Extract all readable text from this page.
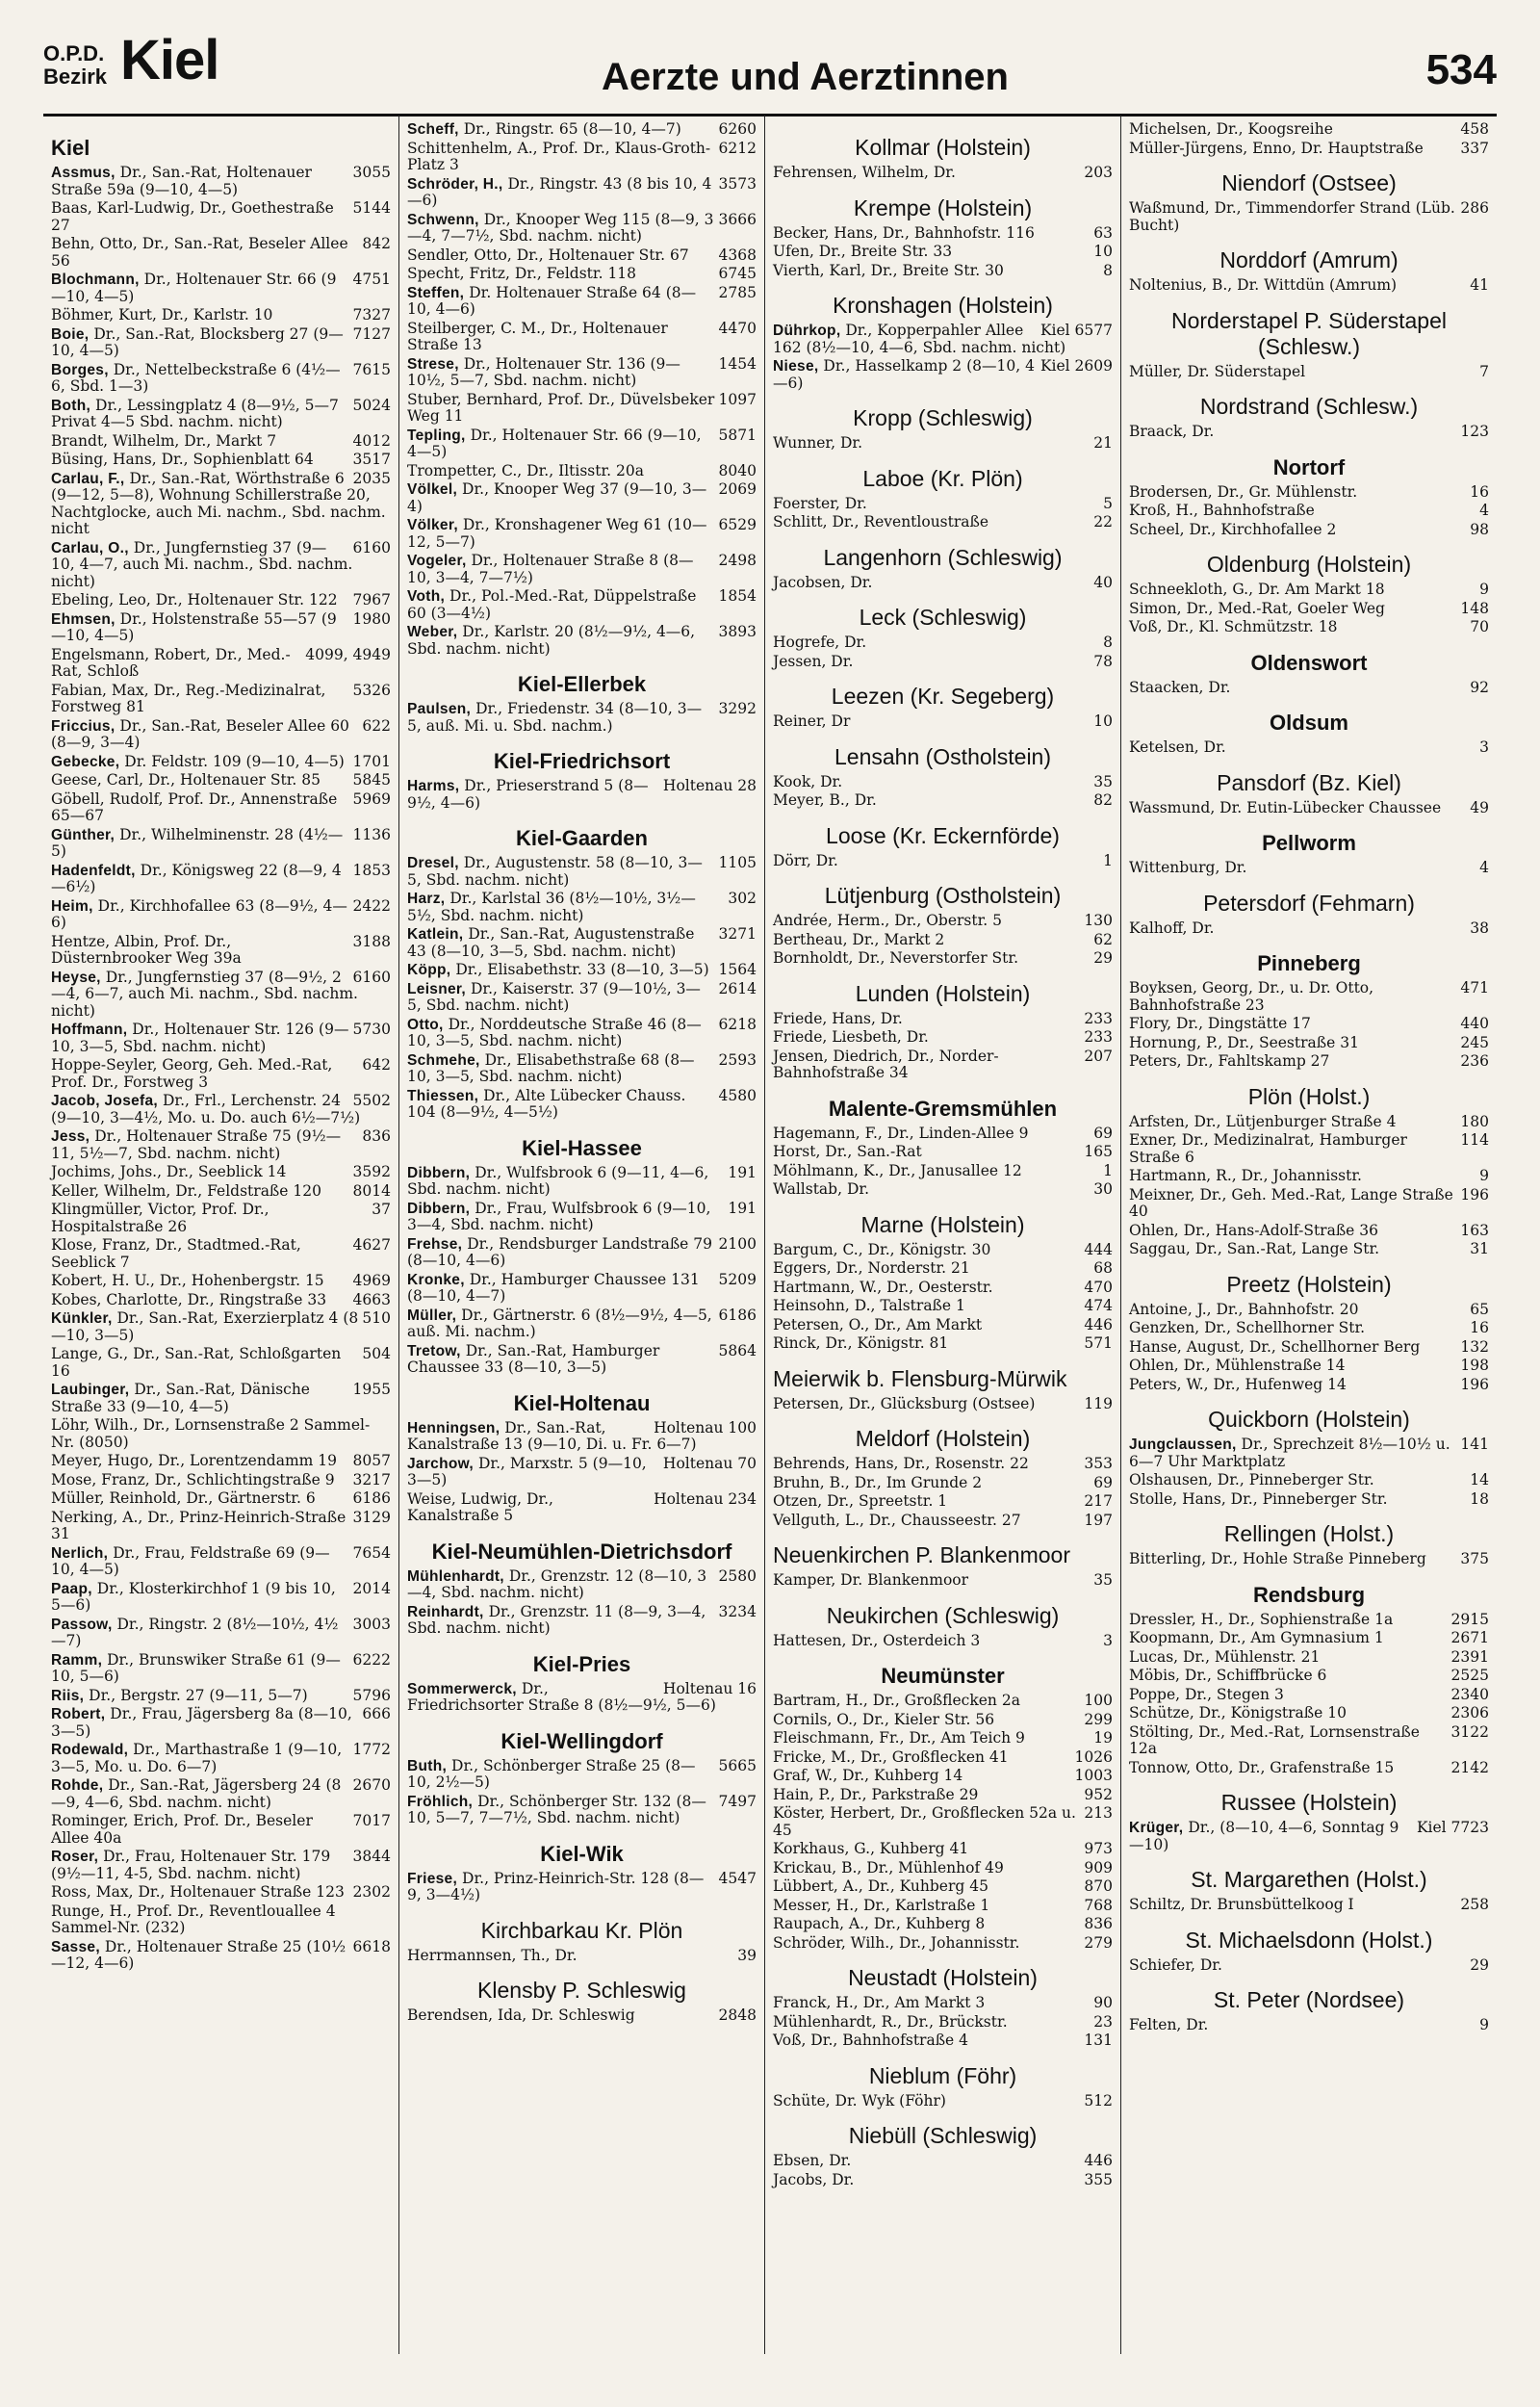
O.P.D.
Bezirk Kiel	Aerzte und Aerztinnen	534
Kiel
3055
Assmus, Dr., San.-Rat, Holtenauer Straße 59a (9—10, 4—5)
5144
Baas, Karl-Ludwig, Dr., Goethestraße 27
842
Behn, Otto, Dr., San.-Rat, Beseler Allee 56
4751
Blochmann, Dr., Holtenauer Str. 66 (9—10, 4—5)
7327
Böhmer, Kurt, Dr., Karlstr. 10
7127
Boie, Dr., San.-Rat, Blocksberg 27 (9—10, 4—5)
7615
Borges, Dr., Nettelbeckstraße 6 (4½—6, Sbd. 1—3)
5024
Both, Dr., Lessingplatz 4 (8—9½, 5—7 Privat 4—5 Sbd. nachm. nicht)
4012
Brandt, Wilhelm, Dr., Markt 7
3517
Büsing, Hans, Dr., Sophienblatt 64
2035
Carlau, F., Dr., San.-Rat, Wörthstraße 6 (9—12, 5—8), Wohnung Schillerstraße 20, Nachtglocke, auch Mi. nachm., Sbd. nachm. nicht
6160
Carlau, O., Dr., Jungfernstieg 37 (9—10, 4—7, auch Mi. nachm., Sbd. nachm. nicht)
7967
Ebeling, Leo, Dr., Holtenauer Str. 122
1980
Ehmsen, Dr., Holstenstraße 55—57 (9—10, 4—5)
4099, 4949
Engelsmann, Robert, Dr., Med.-Rat, Schloß
5326
Fabian, Max, Dr., Reg.-Medizinalrat, Forstweg 81
622
Friccius, Dr., San.-Rat, Beseler Allee 60 (8—9, 3—4)
1701
Gebecke, Dr. Feldstr. 109 (9—10, 4—5)
5845
Geese, Carl, Dr., Holtenauer Str. 85
5969
Göbell, Rudolf, Prof. Dr., Annenstraße 65—67
1136
Günther, Dr., Wilhelminenstr. 28 (4½—5)
1853
Hadenfeldt, Dr., Königsweg 22 (8—9, 4—6½)
2422
Heim, Dr., Kirchhofallee 63 (8—9½, 4—6)
3188
Hentze, Albin, Prof. Dr., Düsternbrooker Weg 39a
6160
Heyse, Dr., Jungfernstieg 37 (8—9½, 2—4, 6—7, auch Mi. nachm., Sbd. nachm. nicht)
5730
Hoffmann, Dr., Holtenauer Str. 126 (9—10, 3—5, Sbd. nachm. nicht)
642
Hoppe-Seyler, Georg, Geh. Med.-Rat, Prof. Dr., Forstweg 3
5502
Jacob, Josefa, Dr., Frl., Lerchenstr. 24 (9—10, 3—4½, Mo. u. Do. auch 6½—7½)
836
Jess, Dr., Holtenauer Straße 75 (9½—11, 5½—7, Sbd. nachm. nicht)
3592
Jochims, Johs., Dr., Seeblick 14
8014
Keller, Wilhelm, Dr., Feldstraße 120
37
Klingmüller, Victor, Prof. Dr., Hospitalstraße 26
4627
Klose, Franz, Dr., Stadtmed.-Rat, Seeblick 7
4969
Kobert, H. U., Dr., Hohenbergstr. 15
4663
Kobes, Charlotte, Dr., Ringstraße 33
510
Künkler, Dr., San.-Rat, Exerzierplatz 4 (8—10, 3—5)
504
Lange, G., Dr., San.-Rat, Schloßgarten 16
1955
Laubinger, Dr., San.-Rat, Dänische Straße 33 (9—10, 4—5)
Löhr, Wilh., Dr., Lornsenstraße 2 Sammel-Nr. (8050)
8057
Meyer, Hugo, Dr., Lorentzendamm 19
3217
Mose, Franz, Dr., Schlichtingstraße 9
6186
Müller, Reinhold, Dr., Gärtnerstr. 6
3129
Nerking, A., Dr., Prinz-Heinrich-Straße 31
7654
Nerlich, Dr., Frau, Feldstraße 69 (9—10, 4—5)
2014
Paap, Dr., Klosterkirchhof 1 (9 bis 10, 5—6)
3003
Passow, Dr., Ringstr. 2 (8½—10½, 4½—7)
6222
Ramm, Dr., Brunswiker Straße 61 (9—10, 5—6)
5796
Riis, Dr., Bergstr. 27 (9—11, 5—7)
666
Robert, Dr., Frau, Jägersberg 8a (8—10, 3—5)
1772
Rodewald, Dr., Marthastraße 1 (9—10, 3—5, Mo. u. Do. 6—7)
2670
Rohde, Dr., San.-Rat, Jägersberg 24 (8—9, 4—6, Sbd. nachm. nicht)
7017
Rominger, Erich, Prof. Dr., Beseler Allee 40a
3844
Roser, Dr., Frau, Holtenauer Str. 179 (9½—11, 4-5, Sbd. nachm. nicht)
2302
Ross, Max, Dr., Holtenauer Straße 123
Runge, H., Prof. Dr., Reventlouallee 4 Sammel-Nr. (232)
6618
Sasse, Dr., Holtenauer Straße 25 (10½—12, 4—6)
6260
Scheff, Dr., Ringstr. 65 (8—10, 4—7)
6212
Schittenhelm, A., Prof. Dr., Klaus-Groth-Platz 3
3573
Schröder, H., Dr., Ringstr. 43 (8 bis 10, 4—6)
3666
Schwenn, Dr., Knooper Weg 115 (8—9, 3—4, 7—7½, Sbd. nachm. nicht)
4368
Sendler, Otto, Dr., Holtenauer Str. 67
6745
Specht, Fritz, Dr., Feldstr. 118
2785
Steffen, Dr. Holtenauer Straße 64 (8—10, 4—6)
4470
Steilberger, C. M., Dr., Holtenauer Straße 13
1454
Strese, Dr., Holtenauer Str. 136 (9—10½, 5—7, Sbd. nachm. nicht)
1097
Stuber, Bernhard, Prof. Dr., Düvelsbeker Weg 11
5871
Tepling, Dr., Holtenauer Str. 66 (9—10, 4—5)
8040
Trompetter, C., Dr., Iltisstr. 20a
2069
Völkel, Dr., Knooper Weg 37 (9—10, 3—4)
6529
Völker, Dr., Kronshagener Weg 61 (10—12, 5—7)
2498
Vogeler, Dr., Holtenauer Straße 8 (8—10, 3—4, 7—7½)
1854
Voth, Dr., Pol.-Med.-Rat, Düppelstraße 60 (3—4½)
3893
Weber, Dr., Karlstr. 20 (8½—9½, 4—6, Sbd. nachm. nicht)
Kiel-Ellerbek
3292
Paulsen, Dr., Friedenstr. 34 (8—10, 3—5, auß. Mi. u. Sbd. nachm.)
Kiel-Friedrichsort
Holtenau 28
Harms, Dr., Prieserstrand 5 (8—9½, 4—6)
Kiel-Gaarden
1105
Dresel, Dr., Augustenstr. 58 (8—10, 3—5, Sbd. nachm. nicht)
302
Harz, Dr., Karlstal 36 (8½—10½, 3½—5½, Sbd. nachm. nicht)
3271
Katlein, Dr., San.-Rat, Augustenstraße 43 (8—10, 3—5, Sbd. nachm. nicht)
1564
Köpp, Dr., Elisabethstr. 33 (8—10, 3—5)
2614
Leisner, Dr., Kaiserstr. 37 (9—10½, 3—5, Sbd. nachm. nicht)
6218
Otto, Dr., Norddeutsche Straße 46 (8—10, 3—5, Sbd. nachm. nicht)
2593
Schmehe, Dr., Elisabethstraße 68 (8—10, 3—5, Sbd. nachm. nicht)
4580
Thiessen, Dr., Alte Lübecker Chauss. 104 (8—9½, 4—5½)
Kiel-Hassee
191
Dibbern, Dr., Wulfsbrook 6 (9—11, 4—6, Sbd. nachm. nicht)
191
Dibbern, Dr., Frau, Wulfsbrook 6 (9—10, 3—4, Sbd. nachm. nicht)
2100
Frehse, Dr., Rendsburger Landstraße 79 (8—10, 4—6)
5209
Kronke, Dr., Hamburger Chaussee 131 (8—10, 4—7)
6186
Müller, Dr., Gärtnerstr. 6 (8½—9½, 4—5, auß. Mi. nachm.)
5864
Tretow, Dr., San.-Rat, Hamburger Chaussee 33 (8—10, 3—5)
Kiel-Holtenau
Holtenau 100
Henningsen, Dr., San.-Rat, Kanalstraße 13 (9—10, Di. u. Fr. 6—7)
Holtenau 70
Jarchow, Dr., Marxstr. 5 (9—10, 3—5)
Holtenau 234
Weise, Ludwig, Dr., Kanalstraße 5
Kiel-Neumühlen-Dietrichsdorf
2580
Mühlenhardt, Dr., Grenzstr. 12 (8—10, 3—4, Sbd. nachm. nicht)
3234
Reinhardt, Dr., Grenzstr. 11 (8—9, 3—4, Sbd. nachm. nicht)
Kiel-Pries
Holtenau 16
Sommerwerck, Dr., Friedrichsorter Straße 8 (8½—9½, 5—6)
Kiel-Wellingdorf
5665
Buth, Dr., Schönberger Straße 25 (8—10, 2½—5)
7497
Fröhlich, Dr., Schönberger Str. 132 (8—10, 5—7, 7—7½, Sbd. nachm. nicht)
Kiel-Wik
4547
Friese, Dr., Prinz-Heinrich-Str. 128 (8—9, 3—4½)
Kirchbarkau Kr. Plön
39
Herrmannsen, Th., Dr.
Klensby P. Schleswig
2848
Berendsen, Ida, Dr. Schleswig
Kollmar (Holstein)
203
Fehrensen, Wilhelm, Dr.
Krempe (Holstein)
63
Becker, Hans, Dr., Bahnhofstr. 116
10
Ufen, Dr., Breite Str. 33
8
Vierth, Karl, Dr., Breite Str. 30
Kronshagen (Holstein)
Kiel 6577
Dührkop, Dr., Kopperpahler Allee 162 (8½—10, 4—6, Sbd. nachm. nicht)
Kiel 2609
Niese, Dr., Hasselkamp 2 (8—10, 4—6)
Kropp (Schleswig)
21
Wunner, Dr.
Laboe (Kr. Plön)
5
Foerster, Dr.
22
Schlitt, Dr., Reventloustraße
Langenhorn (Schleswig)
40
Jacobsen, Dr.
Leck (Schleswig)
8
Hogrefe, Dr.
78
Jessen, Dr.
Leezen (Kr. Segeberg)
10
Reiner, Dr
Lensahn (Ostholstein)
35
Kook, Dr.
82
Meyer, B., Dr.
Loose (Kr. Eckernförde)
1
Dörr, Dr.
Lütjenburg (Ostholstein)
130
Andrée, Herm., Dr., Oberstr. 5
62
Bertheau, Dr., Markt 2
29
Bornholdt, Dr., Neverstorfer Str.
Lunden (Holstein)
233
Friede, Hans, Dr.
233
Friede, Liesbeth, Dr.
207
Jensen, Diedrich, Dr., Norder-Bahnhofstraße 34
Malente-Gremsmühlen
69
Hagemann, F., Dr., Linden-Allee 9
165
Horst, Dr., San.-Rat
1
Möhlmann, K., Dr., Janusallee 12
30
Wallstab, Dr.
Marne (Holstein)
444
Bargum, C., Dr., Königstr. 30
68
Eggers, Dr., Norderstr. 21
470
Hartmann, W., Dr., Oesterstr.
474
Heinsohn, D., Talstraße 1
446
Petersen, O., Dr., Am Markt
571
Rinck, Dr., Königstr. 81
Meierwik b. Flensburg-Mürwik
119
Petersen, Dr., Glücksburg (Ostsee)
Meldorf (Holstein)
353
Behrends, Hans, Dr., Rosenstr. 22
69
Bruhn, B., Dr., Im Grunde 2
217
Otzen, Dr., Spreetstr. 1
197
Vellguth, L., Dr., Chausseestr. 27
Neuenkirchen P. Blankenmoor
35
Kamper, Dr. Blankenmoor
Neukirchen (Schleswig)
3
Hattesen, Dr., Osterdeich 3
Neumünster
100
Bartram, H., Dr., Großflecken 2a
299
Cornils, O., Dr., Kieler Str. 56
19
Fleischmann, Fr., Dr., Am Teich 9
1026
Fricke, M., Dr., Großflecken 41
1003
Graf, W., Dr., Kuhberg 14
952
Hain, P., Dr., Parkstraße 29
213
Köster, Herbert, Dr., Großflecken 52a u. 45
973
Korkhaus, G., Kuhberg 41
909
Krickau, B., Dr., Mühlenhof 49
870
Lübbert, A., Dr., Kuhberg 45
768
Messer, H., Dr., Karlstraße 1
836
Raupach, A., Dr., Kuhberg 8
279
Schröder, Wilh., Dr., Johannisstr.
Neustadt (Holstein)
90
Franck, H., Dr., Am Markt 3
23
Mühlenhardt, R., Dr., Brückstr.
131
Voß, Dr., Bahnhofstraße 4
Nieblum (Föhr)
512
Schüte, Dr. Wyk (Föhr)
Niebüll (Schleswig)
446
Ebsen, Dr.
355
Jacobs, Dr.
458
Michelsen, Dr., Koogsreihe
337
Müller-Jürgens, Enno, Dr. Hauptstraße
Niendorf (Ostsee)
286
Waßmund, Dr., Timmendorfer Strand (Lüb. Bucht)
Norddorf (Amrum)
41
Noltenius, B., Dr. Wittdün (Amrum)
Norderstapel P. Süderstapel (Schlesw.)
7
Müller, Dr. Süderstapel
Nordstrand (Schlesw.)
123
Braack, Dr.
Nortorf
16
Brodersen, Dr., Gr. Mühlenstr.
4
Kroß, H., Bahnhofstraße
98
Scheel, Dr., Kirchhofallee 2
Oldenburg (Holstein)
9
Schneekloth, G., Dr. Am Markt 18
148
Simon, Dr., Med.-Rat, Goeler Weg
70
Voß, Dr., Kl. Schmützstr. 18
Oldenswort
92
Staacken, Dr.
Oldsum
3
Ketelsen, Dr.
Pansdorf (Bz. Kiel)
49
Wassmund, Dr. Eutin-Lübecker Chaussee
Pellworm
4
Wittenburg, Dr.
Petersdorf (Fehmarn)
38
Kalhoff, Dr.
Pinneberg
471
Boyksen, Georg, Dr., u. Dr. Otto, Bahnhofstraße 23
440
Flory, Dr., Dingstätte 17
245
Hornung, P., Dr., Seestraße 31
236
Peters, Dr., Fahltskamp 27
Plön (Holst.)
180
Arfsten, Dr., Lütjenburger Straße 4
114
Exner, Dr., Medizinalrat, Hamburger Straße 6
9
Hartmann, R., Dr., Johannisstr.
196
Meixner, Dr., Geh. Med.-Rat, Lange Straße 40
163
Ohlen, Dr., Hans-Adolf-Straße 36
31
Saggau, Dr., San.-Rat, Lange Str.
Preetz (Holstein)
65
Antoine, J., Dr., Bahnhofstr. 20
16
Genzken, Dr., Schellhorner Str.
132
Hanse, August, Dr., Schellhorner Berg
198
Ohlen, Dr., Mühlenstraße 14
196
Peters, W., Dr., Hufenweg 14
Quickborn (Holstein)
141
Jungclaussen, Dr., Sprechzeit 8½—10½ u. 6—7 Uhr Marktplatz
14
Olshausen, Dr., Pinneberger Str.
18
Stolle, Hans, Dr., Pinneberger Str.
Rellingen (Holst.)
375
Bitterling, Dr., Hohle Straße Pinneberg
Rendsburg
2915
Dressler, H., Dr., Sophienstraße 1a
2671
Koopmann, Dr., Am Gymnasium 1
2391
Lucas, Dr., Mühlenstr. 21
2525
Möbis, Dr., Schiffbrücke 6
2340
Poppe, Dr., Stegen 3
2306
Schütze, Dr., Königstraße 10
3122
Stölting, Dr., Med.-Rat, Lornsenstraße 12a
2142
Tonnow, Otto, Dr., Grafenstraße 15
Russee (Holstein)
Kiel 7723
Krüger, Dr., (8—10, 4—6, Sonntag 9—10)
St. Margarethen (Holst.)
258
Schiltz, Dr. Brunsbüttelkoog I
St. Michaelsdonn (Holst.)
29
Schiefer, Dr.
St. Peter (Nordsee)
9
Felten, Dr.
